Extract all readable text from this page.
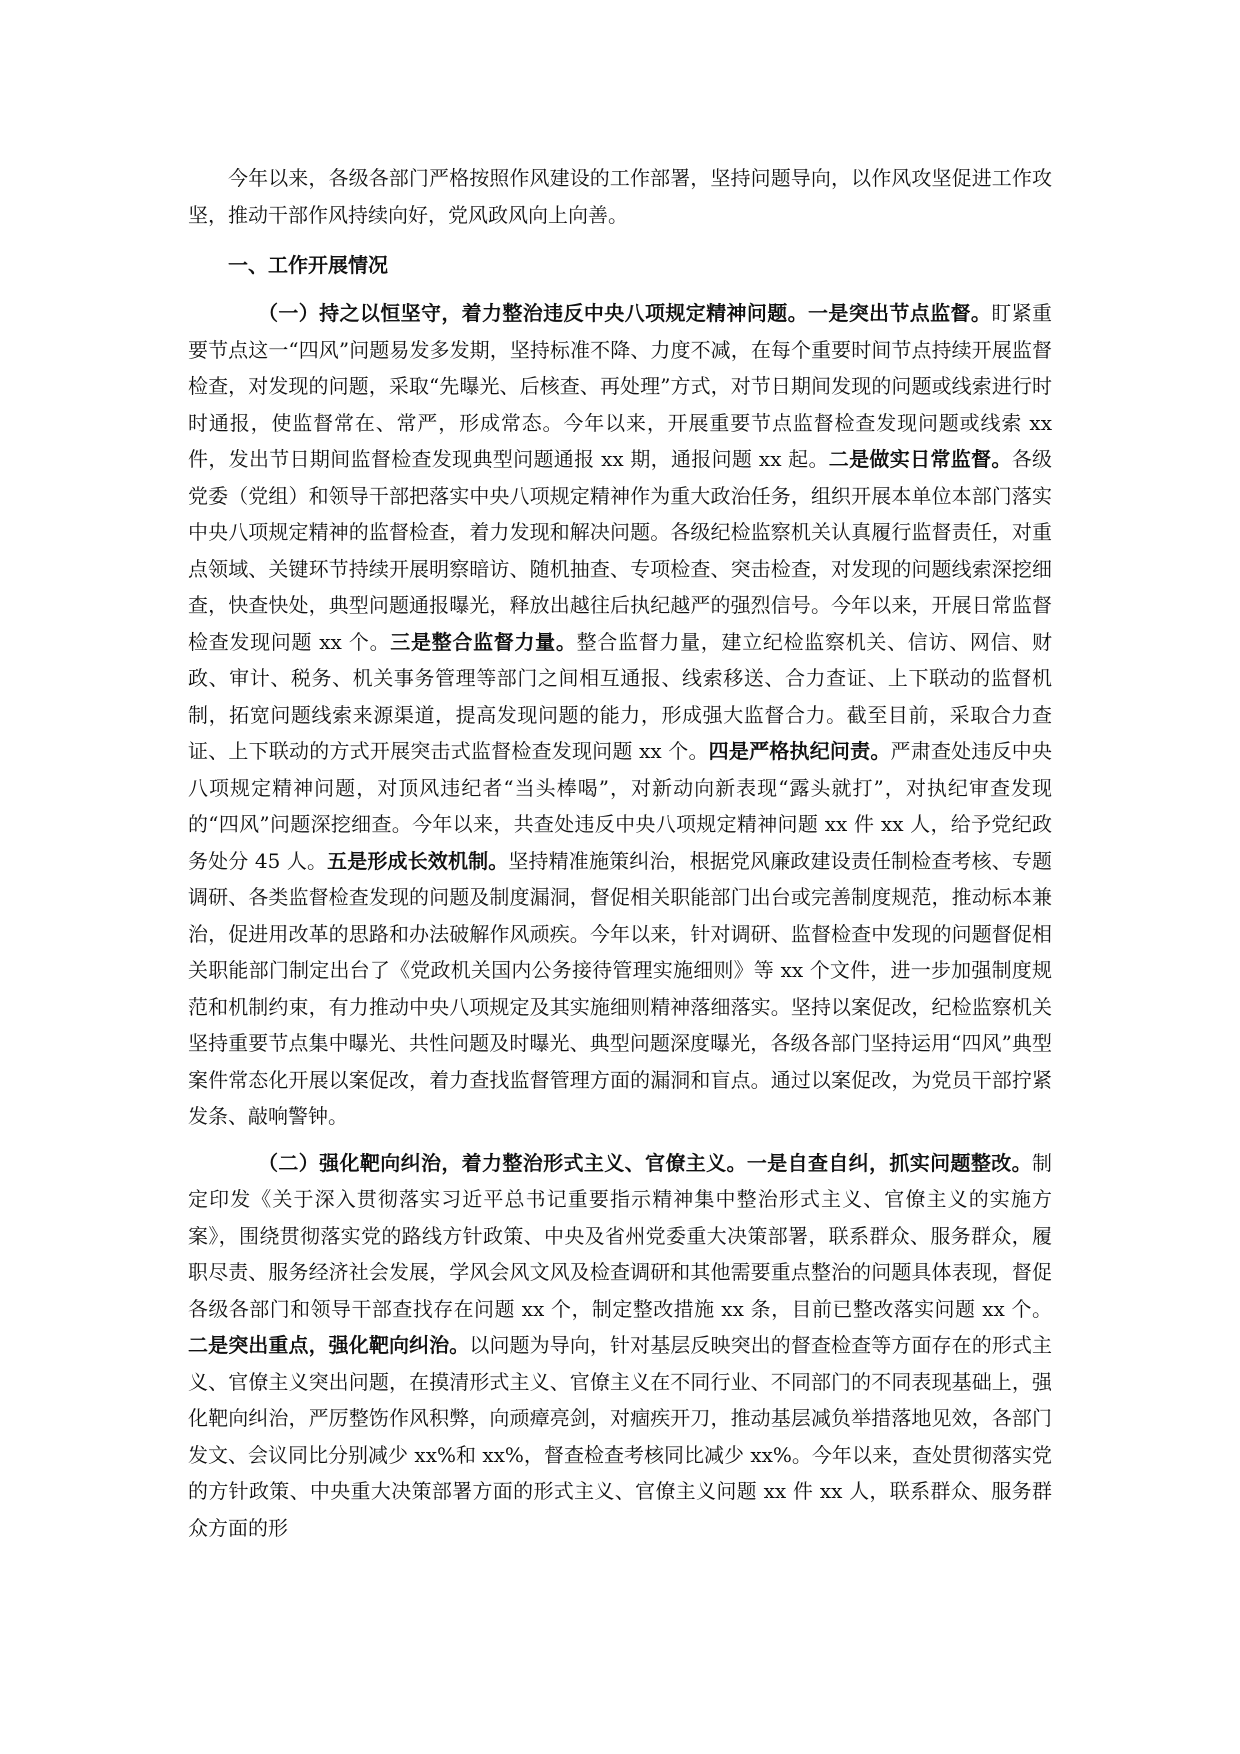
今年以来，各级各部门严格按照作风建设的工作部署，坚持问题导向，以作风攻坚促进工作攻坚，推动干部作风持续向好，党风政风向上向善。

一、工作开展情况

（一）持之以恒坚守，着力整治违反中央八项规定精神问题。一是突出节点监督。盯紧重要节点这一“四风”问题易发多发期，坚持标准不降、力度不减，在每个重要时间节点持续开展监督检查，对发现的问题，采取“先曝光、后核查、再处理”方式，对节日期间发现的问题或线索进行时时通报，使监督常在、常严，形成常态。今年以来，开展重要节点监督检查发现问题或线索 xx 件，发出节日期间监督检查发现典型问题通报 xx 期，通报问题 xx 起。二是做实日常监督。各级党委（党组）和领导干部把落实中央八项规定精神作为重大政治任务，组织开展本单位本部门落实中央八项规定精神的监督检查，着力发现和解决问题。各级纪检监察机关认真履行监督责任，对重点领域、关键环节持续开展明察暗访、随机抽查、专项检查、突击检查，对发现的问题线索深挖细查，快查快处，典型问题通报曝光，释放出越往后执纪越严的强烈信号。今年以来，开展日常监督检查发现问题 xx 个。三是整合监督力量。整合监督力量，建立纪检监察机关、信访、网信、财政、审计、税务、机关事务管理等部门之间相互通报、线索移送、合力查证、上下联动的监督机制，拓宽问题线索来源渠道，提高发现问题的能力，形成强大监督合力。截至目前，采取合力查证、上下联动的方式开展突击式监督检查发现问题 xx 个。四是严格执纪问责。严肃查处违反中央八项规定精神问题，对顶风违纪者“当头棒喝”，对新动向新表现“露头就打”，对执纪审查发现的“四风”问题深挖细查。今年以来，共查处违反中央八项规定精神问题 xx 件 xx 人，给予党纪政务处分 45 人。五是形成长效机制。坚持精准施策纠治，根据党风廉政建设责任制检查考核、专题调研、各类监督检查发现的问题及制度漏洞，督促相关职能部门出台或完善制度规范，推动标本兼治，促进用改革的思路和办法破解作风顽疾。今年以来，针对调研、监督检查中发现的问题督促相关职能部门制定出台了《党政机关国内公务接待管理实施细则》等 xx 个文件，进一步加强制度规范和机制约束，有力推动中央八项规定及其实施细则精神落细落实。坚持以案促改，纪检监察机关坚持重要节点集中曝光、共性问题及时曝光、典型问题深度曝光，各级各部门坚持运用“四风”典型案件常态化开展以案促改，着力查找监督管理方面的漏洞和盲点。通过以案促改，为党员干部拧紧发条、敲响警钟。

（二）强化靶向纠治，着力整治形式主义、官僚主义。一是自查自纠，抓实问题整改。制定印发《关于深入贯彻落实习近平总书记重要指示精神集中整治形式主义、官僚主义的实施方案》，围绕贯彻落实党的路线方针政策、中央及省州党委重大决策部署，联系群众、服务群众，履职尽责、服务经济社会发展，学风会风文风及检查调研和其他需要重点整治的问题具体表现，督促各级各部门和领导干部查找存在问题 xx 个，制定整改措施 xx 条，目前已整改落实问题 xx 个。二是突出重点，强化靶向纠治。以问题为导向，针对基层反映突出的督查检查等方面存在的形式主义、官僚主义突出问题，在摸清形式主义、官僚主义在不同行业、不同部门的不同表现基础上，强化靶向纠治，严厉整饬作风积弊，向顽瘴亮剑，对痼疾开刀，推动基层减负举措落地见效，各部门发文、会议同比分别减少 xx%和 xx%，督查检查考核同比减少 xx%。今年以来，查处贯彻落实党的方针政策、中央重大决策部署方面的形式主义、官僚主义问题 xx 件 xx 人，联系群众、服务群众方面的形
